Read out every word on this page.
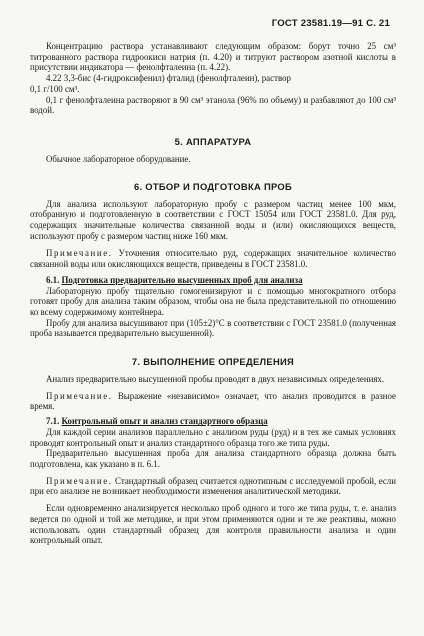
ГОСТ 23581.19—91 С. 21

Концентрацию раствора устанавливают следующим образом: борут точно 25 см³ титрованного раствора гидроокиси натрия (п. 4.20) и титруют раствором азотной кислоты в присутствии индикатора — фенолфталеина (п. 4.22).

4.22 3,3-бис (4-гидроксифенил) фталид (фенолфталеин), раствор

0,1 г/100 см³.

0,1 г фенолфталеина растворяют в 90 см³ этанола (96% по объему) и разбавляют до 100 см³ водой.

5. АППАРАТУРА

Обычное лабораторное оборудование.

6. ОТБОР И ПОДГОТОВКА ПРОБ

Для анализа используют лабораторную пробу с размером частиц менее 100 мкм, отобранную и подготовленную в соответствии с ГОСТ 15054 или ГОСТ 23581.0. Для руд, содержащих значительные количества связанной воды и (или) окисляющихся веществ, используют пробу с размером частиц ниже 160 мкм.

Примечание. Уточнения относительно руд, содержащих значительное количество связанной воды или окисляющихся веществ, приведены в ГОСТ 23581.0.

6.1. Подготовка предварительно высушенных проб для анализа

Лабораторную пробу тщательно гомогенизируют и с помощью многократного отбора готовят пробу для анализа таким образом, чтобы она не была представительной по отношению ко всему содержимому контейнера.

Пробу для анализа высушивают при (105±2)°С в соответствии с ГОСТ 23581.0 (полученная проба называется предварительно высушенной).

7. ВЫПОЛНЕНИЕ ОПРЕДЕЛЕНИЯ

Анализ предварительно высушенной пробы проводят в двух независимых определениях.

Примечание. Выражение «независимо» означает, что анализ проводится в разное время.

7.1. Контрольный опыт и анализ стандартного образца

Для каждой серии анализов параллельно с анализом руды (руд) и в тех же самых условиях проводят контрольный опыт и анализ стандартного образца того же типа руды.

Предварительно высушенная проба для анализа стандартного образца должна быть подготовлена, как указано в п. 6.1.

Примечание. Стандартный образец считается однотипным с исследуемой пробой, если при его анализе не возникает необходимости изменения аналитической методики.

Если одновременно анализируется несколько проб одного и того же типа руды, т. е. анализ ведется по одной и той же методике, и при этом применяются одни и те же реактивы, можно использовать один стандартный образец для контроля правильности анализа и один контрольный опыт.
